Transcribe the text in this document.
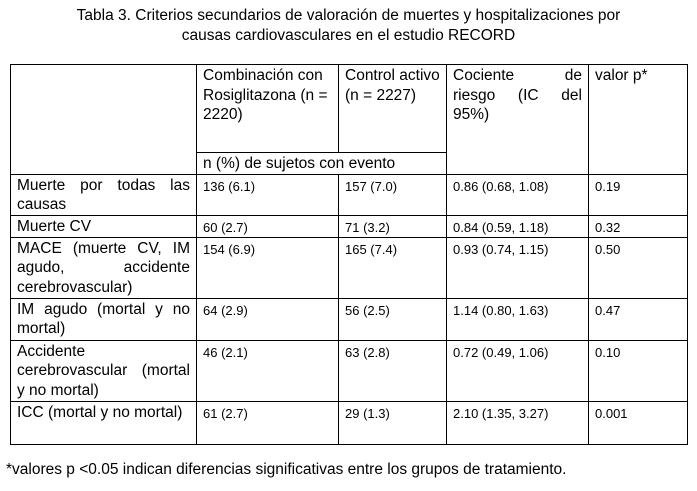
Tabla 3. Criterios secundarios de valoración de muertes y hospitalizaciones por
causas cardiovasculares en el estudio RECORD
	Combinación con Rosiglitazona (n = 2220)	Control activo (n = 2227)	Cociente de riesgo (IC del 95%)	valor p*
	n (%) de sujetos con evento			
Muerte por todas las causas	136 (6.1)	157 (7.0)	0.86 (0.68, 1.08)	0.19
Muerte CV	60 (2.7)	71 (3.2)	0.84 (0.59, 1.18)	0.32
MACE (muerte CV, IM agudo, accidente cerebrovascular)	154 (6.9)	165 (7.4)	0.93 (0.74, 1.15)	0.50
IM agudo (mortal y no mortal)	64 (2.9)	56 (2.5)	1.14 (0.80, 1.63)	0.47
Accidente cerebrovascular (mortal y no mortal)	46 (2.1)	63 (2.8)	0.72 (0.49, 1.06)	0.10
ICC (mortal y no mortal)	61 (2.7)	29 (1.3)	2.10 (1.35, 3.27)	0.001

*valores p <0.05 indican diferencias significativas entre los grupos de tratamiento.
